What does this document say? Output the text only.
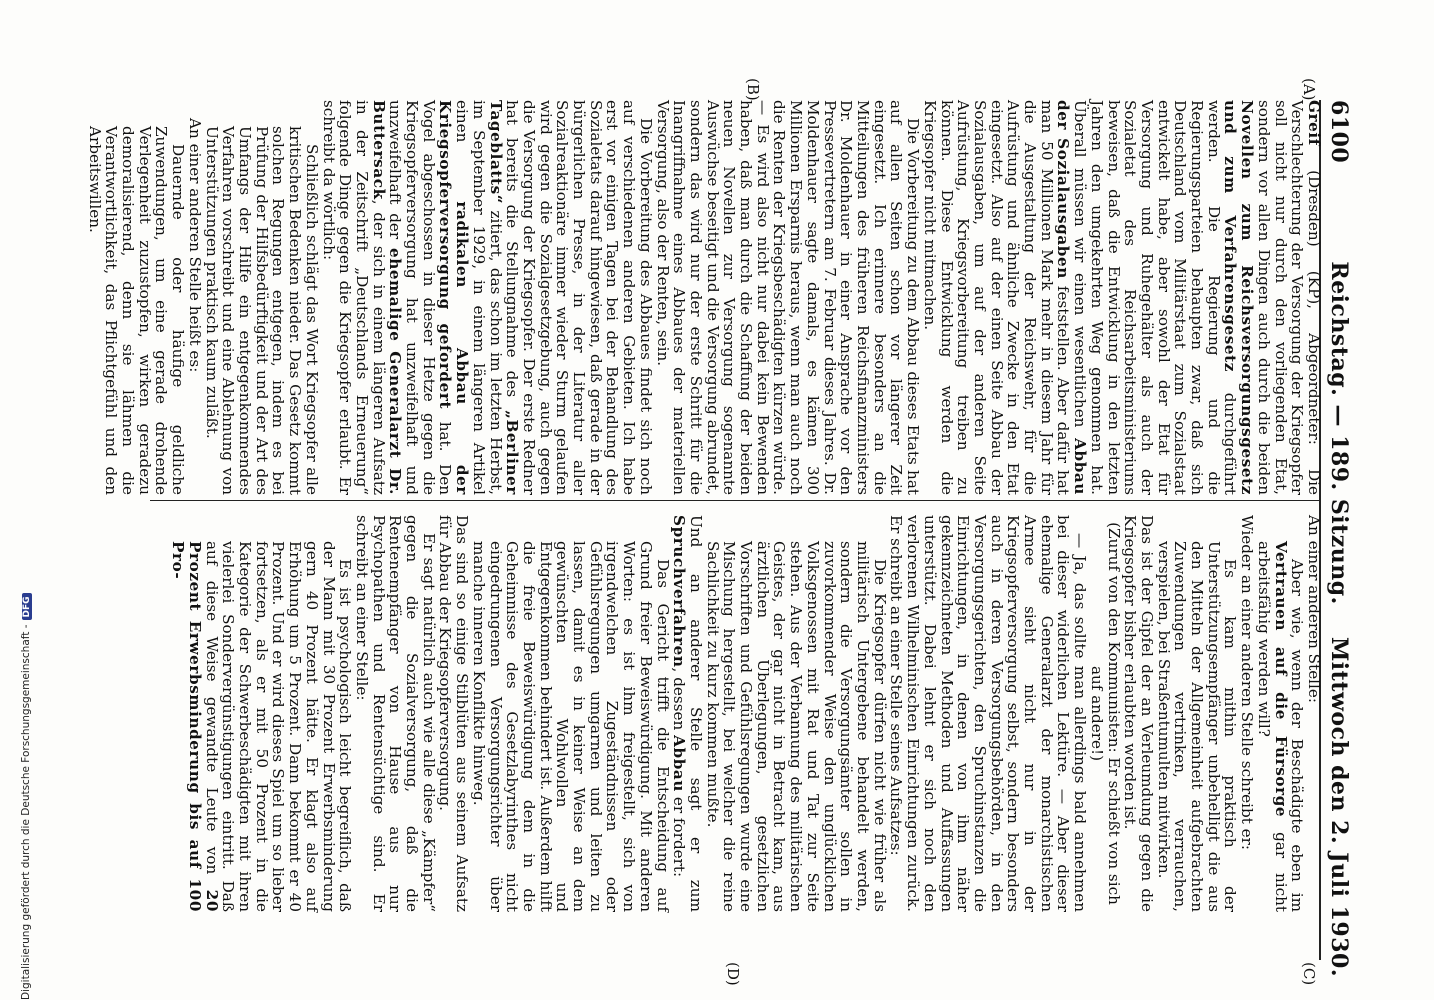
6100 Reichstag. — 189. Sitzung. Mittwoch den 2. Juli 1930.
(A)
(B)
(C)
(D)

Greif (Dresden) (KP), Abgeordneter: Die Verschlechterung der Versorgung der Kriegsopfer soll nicht nur durch den vorliegenden Etat, sondern vor allen Dingen auch durch die beiden Novellen zum Reichsversorgungsgesetz und zum Verfahrensgesetz durchgeführt werden. Die Regierung und die Regierungsparteien behaupten zwar, daß sich Deutschland vom Militärstaat zum Sozialstaat entwickelt habe, aber sowohl der Etat für Versorgung und Ruhegehälter als auch der Sozialetat des Reichsarbeitsministeriums beweisen, daß die Entwicklung in den letzten Jahren den umgekehrten Weg genommen hat. Überall müssen wir einen wesentlichen Abbau der Sozialausgaben feststellen. Aber dafür hat man 50 Millionen Mark mehr in diesem Jahr für die Ausgestaltung der Reichswehr, für die Aufrüstung und ähnliche Zwecke in den Etat eingesetzt. Also auf der einen Seite Abbau der Sozialausgaben, um auf der anderen Seite Aufrüstung, Kriegsvorbereitung treiben zu können. Diese Entwicklung werden die Kriegsopfer nicht mitmachen.

Die Vorbereitung zu dem Abbau dieses Etats hat auf allen Seiten schon vor längerer Zeit eingesetzt. Ich erinnere besonders an die Mitteilungen des früheren Reichsfinanzministers Dr. Moldenhauer in einer Ansprache vor den Pressevertretern am 7. Februar dieses Jahres. Dr. Moldenhauer sagte damals, es kämen 300 Millionen Ersparnis heraus, wenn man auch noch die Renten der Kriegsbeschädigten kürzen würde. — Es wird also nicht nur dabei kein Bewenden haben, daß man durch die Schaffung der beiden neuen Novellen zur Versorgung sogenannte Auswüchse beseitigt und die Versorgung abrundet, sondern das wird nur der erste Schritt für die Inangriffnahme eines Abbaues der materiellen Versorgung, also der Renten, sein.

Die Vorbereitung des Abbaues findet sich noch auf verschiedenen anderen Gebieten. Ich habe erst vor einigen Tagen bei der Behandlung des Sozialetats darauf hingewiesen, daß gerade in der bürgerlichen Presse, in der Literatur aller Sozialreaktionäre immer wieder Sturm gelaufen wird gegen die Sozialgesetzgebung, auch gegen die Versorgung der Kriegsopfer. Der erste Redner hat bereits die Stellungnahme des „Berliner Tageblatts“ zitiert, das schon im letzten Herbst, im September 1929, in einem längeren Artikel einen radikalen Abbau der Kriegsopferversorgung gefordert hat. Den Vogel abgeschossen in dieser Hetze gegen die Kriegsopferversorgung hat unzweifelhaft und unzweifelhaft der ehemalige Generalarzt Dr. Buttersack, der sich in einem längeren Aufsatz in der Zeitschrift „Deutschlands Erneuerung“ folgende Dinge gegen die Kriegsopfer erlaubt. Er schreibt da wörtlich:

Schließlich schlägt das Wort Kriegsopfer alle kritischen Bedenken nieder. Das Gesetz kommt solchen Regungen entgegen, indem es bei Prüfung der Hilfsbedürftigkeit und der Art des Umfangs der Hilfe ein entgegenkommendes Verfahren vorschreibt und eine Ablehnung von Unterstützungen praktisch kaum zuläßt.

An einer anderen Stelle heißt es:

Dauernde oder häufige geldliche Zuwendungen, um eine gerade drohende Verlegenheit zuzustopfen, wirken geradezu demoralisierend, denn sie lähmen die Verantwortlichkeit, das Pflichtgefühl und den Arbeitswillen.

An einer anderen Stelle:

Aber wie, wenn der Beschädigte eben im Vertrauen auf die Fürsorge gar nicht arbeitsfähig werden will?

Wieder an einer anderen Stelle schreibt er:

Es kam mithin praktisch der Unterstützungsempfänger unbehelligt die aus den Mitteln der Allgemeinheit aufgebrachten Zuwendungen vertrinken, verrauchen, verspielen, bei Straßentumulten mitwirken.

Das ist der Gipfel der an Verleumdung gegen die Kriegsopfer bisher erlaubten worden ist.

(Zuruf von den Kommunisten: Er schießt von sich auf andere!)

— Ja, das sollte man allerdings bald annehmen bei dieser widerlichen Lektüre. — Aber dieser ehemalige Generalarzt der monarchistischen Armee sieht nicht nur in der Kriegsopferversorgung selbst, sondern besonders auch in deren Versorgungsbehörden, in den Versorgungsgerichten, den Spruchinstanzen die Einrichtungen, in denen von ihm näher gekennzeichneten Methoden und Auffassungen unterstützt. Dabei lehnt er sich noch den verlorenen Wilhelminischen Einrichtungen zurück. Er schreibt an einer Stelle seines Aufsatzes:

Die Kriegsopfer dürfen nicht wie früher als militärisch Untergebene behandelt werden, sondern die Versorgungsämter sollen in zuvorkommender Weise den unglücklichen Volksgenossen mit Rat und Tat zur Seite stehen. Aus der Verbannung des militärischen Geistes, der gar nicht in Betracht kam, aus ärztlichen Überlegungen, gesetzlichen Vorschriften und Gefühlsregungen wurde eine Mischung hergestellt, bei welcher die reine Sachlichkeit zu kurz kommen mußte.

Und an anderer Stelle sagt er zum Spruchverfahren, dessen Abbau er fordert:

Das Gericht trifft die Entscheidung auf Grund freier Beweiswürdigung. Mit anderen Worten: es ist ihm freigestellt, sich von irgendwelchen Zugeständnissen oder Gefühlsregungen umgarnen und leiten zu lassen, damit es in keiner Weise an dem gewünschten Wohlwollen und Entgegenkommen behindert ist. Außerdem hilft die freie Beweiswürdigung dem in die Geheimnisse des Gesetzlabyrinthes nicht eingedrungenen Versorgungsrichter über manche inneren Konflikte hinweg.

Das sind so einige Stilblüten aus seinem Aufsatz für Abbau der Kriegsopferversorgung.

Er sagt natürlich auch wie alle diese „Kämpfer“ gegen die Sozialversorgung, daß die Rentenempfänger von Hause aus nur Psychopathen und Rentensüchtige sind. Er schreibt an einer Stelle:

Es ist psychologisch leicht begreiflich, daß der Mann mit 30 Prozent Erwerbsminderung gern 40 Prozent hätte. Er klagt also auf Erhöhung um 5 Prozent. Dann bekommt er 40 Prozent. Und er wird dieses Spiel um so lieber fortsetzen, als er mit 50 Prozent in die Kategorie der Schwerbeschädigten mit ihren vielerlei Sondervergünstigungen eintritt. Daß auf diese Weise gewandte Leute von 20 Prozent Erwerbsminderung bis auf 100 Pro-

Digitalisierung gefördert durch die Deutsche Forschungsgemeinschaft -DFG
